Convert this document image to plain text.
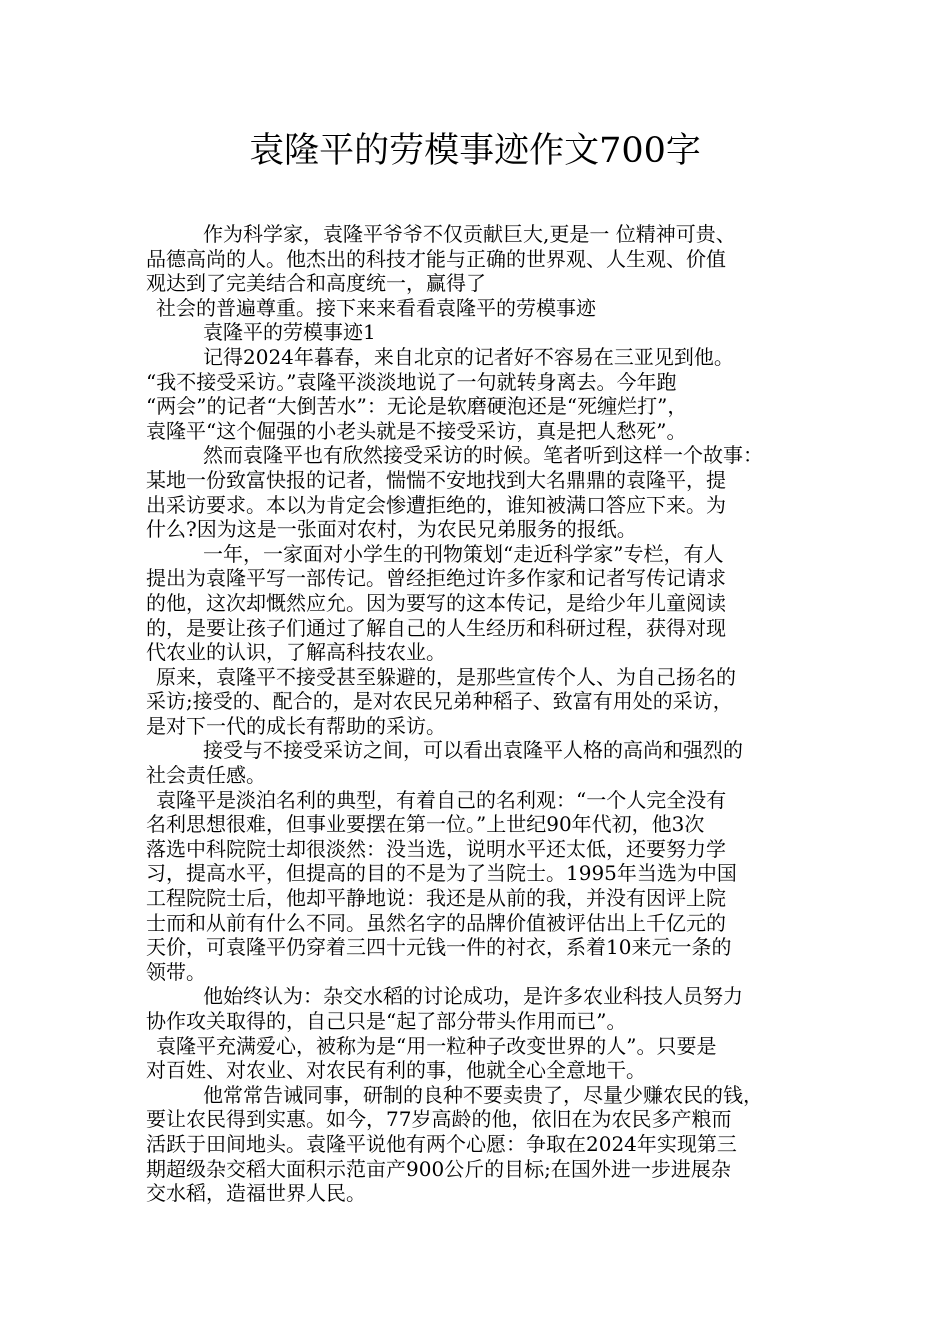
袁隆平的劳模事迹作文700字
作为科学家，袁隆平爷爷不仅贡献巨大,更是一 位精神可贵、
品德高尚的人。他杰出的科技才能与正确的世界观、人生观、价值
观达到了完美结合和高度统一，赢得了
社会的普遍尊重。接下来来看看袁隆平的劳模事迹
袁隆平的劳模事迹1
记得2024年暮春，来自北京的记者好不容易在三亚见到他。
“我不接受采访。”袁隆平淡淡地说了一句就转身离去。今年跑
“两会”的记者“大倒苦水”：无论是软磨硬泡还是“死缠烂打”，
袁隆平“这个倔强的小老头就是不接受采访，真是把人愁死”。
然而袁隆平也有欣然接受采访的时候。笔者听到这样一个故事：
某地一份致富快报的记者，惴惴不安地找到大名鼎鼎的袁隆平，提
出采访要求。本以为肯定会惨遭拒绝的，谁知被满口答应下来。为
什么?因为这是一张面对农村，为农民兄弟服务的报纸。
一年，一家面对小学生的刊物策划“走近科学家”专栏，有人
提出为袁隆平写一部传记。曾经拒绝过许多作家和记者写传记请求
的他，这次却慨然应允。因为要写的这本传记，是给少年儿童阅读
的，是要让孩子们通过了解自己的人生经历和科研过程，获得对现
代农业的认识，了解高科技农业。
原来，袁隆平不接受甚至躲避的，是那些宣传个人、为自己扬名的
采访;接受的、配合的，是对农民兄弟种稻子、致富有用处的采访，
是对下一代的成长有帮助的采访。
接受与不接受采访之间，可以看出袁隆平人格的高尚和强烈的
社会责任感。
袁隆平是淡泊名利的典型，有着自己的名利观：“一个人完全没有
名利思想很难，但事业要摆在第一位。”上世纪90年代初，他3次
落选中科院院士却很淡然：没当选，说明水平还太低，还要努力学
习，提高水平，但提高的目的不是为了当院士。1995年当选为中国
工程院院士后，他却平静地说：我还是从前的我，并没有因评上院
士而和从前有什么不同。虽然名字的品牌价值被评估出上千亿元的
天价，可袁隆平仍穿着三四十元钱一件的衬衣，系着10来元一条的
领带。
他始终认为：杂交水稻的讨论成功，是许多农业科技人员努力
协作攻关取得的，自己只是“起了部分带头作用而已”。
袁隆平充满爱心，被称为是“用一粒种子改变世界的人”。只要是
对百姓、对农业、对农民有利的事，他就全心全意地干。
他常常告诫同事，研制的良种不要卖贵了，尽量少赚农民的钱，
要让农民得到实惠。如今，77岁高龄的他，依旧在为农民多产粮而
活跃于田间地头。袁隆平说他有两个心愿：争取在2024年实现第三
期超级杂交稻大面积示范亩产900公斤的目标;在国外进一步进展杂
交水稻，造福世界人民。
